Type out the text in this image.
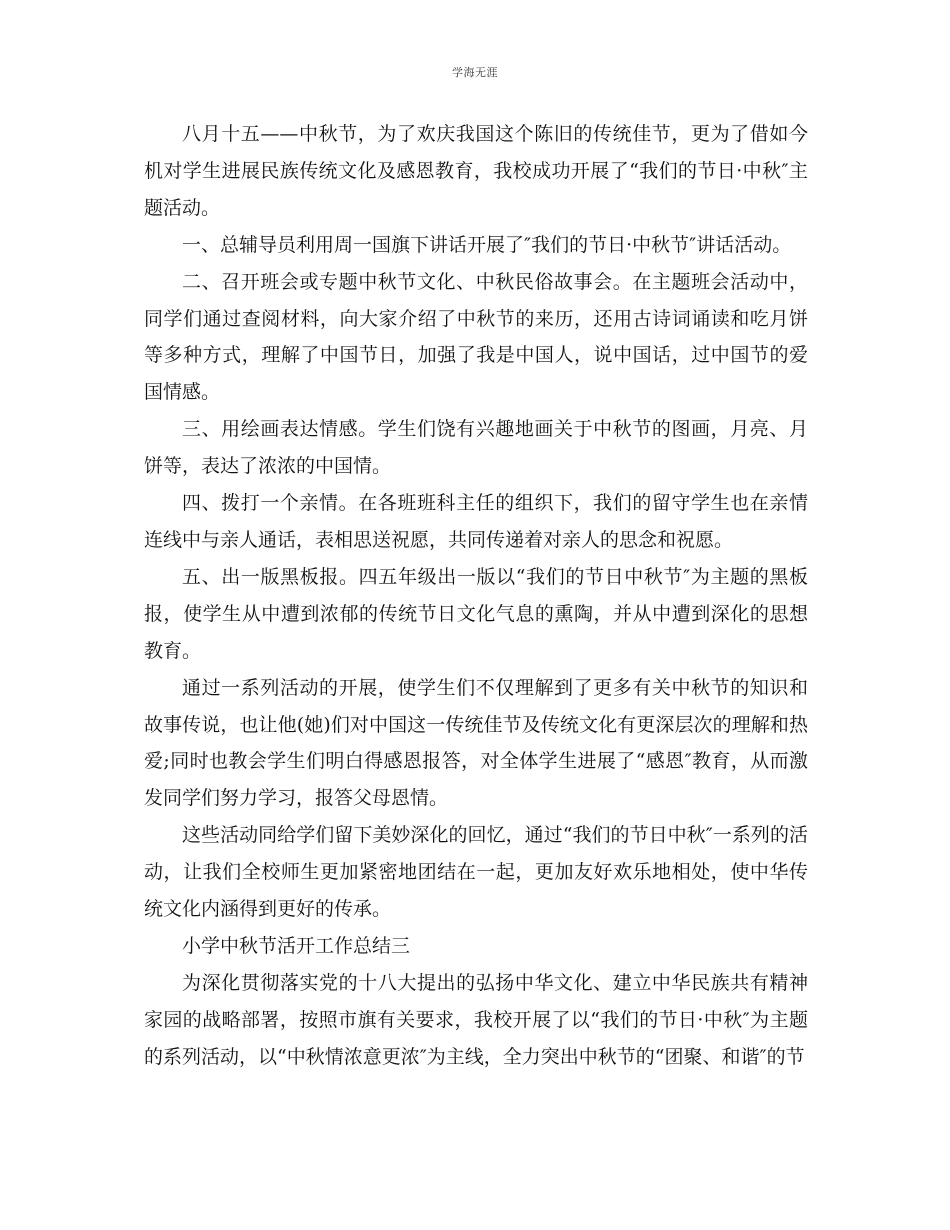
学海无涯

八月十五——中秋节，为了欢庆我国这个陈旧的传统佳节，更为了借如今机对学生进展民族传统文化及感恩教育，我校成功开展了“我们的节日·中秋″主题活动。

一、总辅导员利用周一国旗下讲话开展了″我们的节日·中秋节″讲话活动。

二、召开班会或专题中秋节文化、中秋民俗故事会。在主题班会活动中，同学们通过查阅材料，向大家介绍了中秋节的来历，还用古诗词诵读和吃月饼等多种方式，理解了中国节日，加强了我是中国人，说中国话，过中国节的爱国情感。

三、用绘画表达情感。学生们饶有兴趣地画关于中秋节的图画，月亮、月饼等，表达了浓浓的中国情。

四、拨打一个亲情。在各班班科主任的组织下，我们的留守学生也在亲情连线中与亲人通话，表相思送祝愿，共同传递着对亲人的思念和祝愿。

五、出一版黑板报。四五年级出一版以“我们的节日中秋节″为主题的黑板报，使学生从中遭到浓郁的传统节日文化气息的熏陶，并从中遭到深化的思想教育。

通过一系列活动的开展，使学生们不仅理解到了更多有关中秋节的知识和故事传说，也让他(她)们对中国这一传统佳节及传统文化有更深层次的理解和热爱;同时也教会学生们明白得感恩报答，对全体学生进展了“感恩″教育，从而激发同学们努力学习，报答父母恩情。

这些活动同给学们留下美妙深化的回忆，通过“我们的节日中秋″一系列的活动，让我们全校师生更加紧密地团结在一起，更加友好欢乐地相处，使中华传统文化内涵得到更好的传承。

小学中秋节活开工作总结三

为深化贯彻落实党的十八大提出的弘扬中华文化、建立中华民族共有精神家园的战略部署，按照市旗有关要求，我校开展了以“我们的节日·中秋″为主题的系列活动，以“中秋情浓意更浓″为主线，全力突出中秋节的“团聚、和谐″的节
